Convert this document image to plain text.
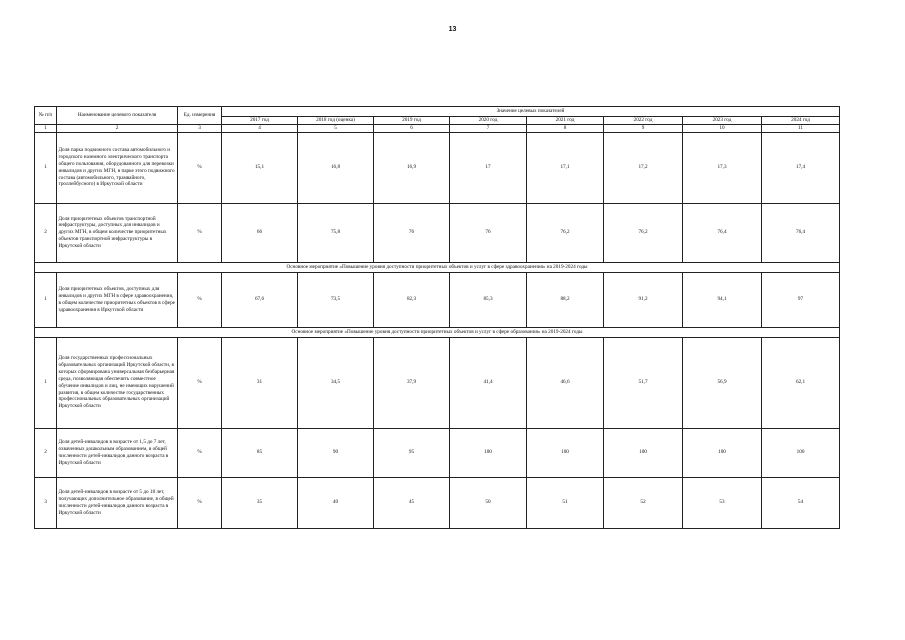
13
№ п/п	Наименование целевого показателя	Ед. измерения	Значение целевых показателей							
			2017 год	2018 год (оценка)	2019 год	2020 год	2021 год	2022 год	2023 год	2024 год
1	2	3	4	5	6	7	8	9	10	11
1	Доля парка подвижного состава автомобильного и городского наземного электрического транспорта общего пользования, оборудованного для перевозки инвалидов и других МГН, в парке этого подвижного состава (автомобильного, трамвайного, троллейбусного) в Иркутской области	%	15,1	16,8	16,9	17	17,1	17,2	17,3	17,4
2	Доля приоритетных объектов транспортной инфраструктуры, доступных для инвалидов и других МГН, в общем количестве приоритетных объектов транспортной инфраструктуры в Иркутской области	%	66	75,8	76	76	76,2	76,2	76,4	76,4
Основное мероприятие «Повышение уровня доступности приоритетных объектов и услуг в сфере здравоохранения» на 2019-2024 годы										
1	Доля приоритетных объектов, доступных для инвалидов и других МГН в сфере здравоохранения, в общем количестве приоритетных объектов в сфере здравоохранения в Иркутской области	%	67,6	73,5	82,3	85,3	88,2	91,2	94,1	97
Основное мероприятие «Повышение уровня доступности приоритетных объектов и услуг в сфере образования» на 2019-2024 годы										
1	Доля государственных профессиональных образовательных организаций Иркутской области, в которых сформирована универсальная безбарьерная среда, позволяющая обеспечить совместное обучение инвалидов и лиц, не имеющих нарушений развития, в общем количестве государственных профессиональных образовательных организаций Иркутской области	%	31	34,5	37,9	41,4	46,6	51,7	56,9	62,1
2	Доля детей-инвалидов в возрасте от 1,5 до 7 лет, охваченных дошкольным образованием, в общей численности детей-инвалидов данного возраста в Иркутской области	%	85	90	95	100	100	100	100	100
3	Доля детей-инвалидов в возрасте от 5 до 18 лет, получающих дополнительное образование, в общей численности детей-инвалидов данного возраста в Иркутской области	%	35	40	45	50	51	52	53	54
